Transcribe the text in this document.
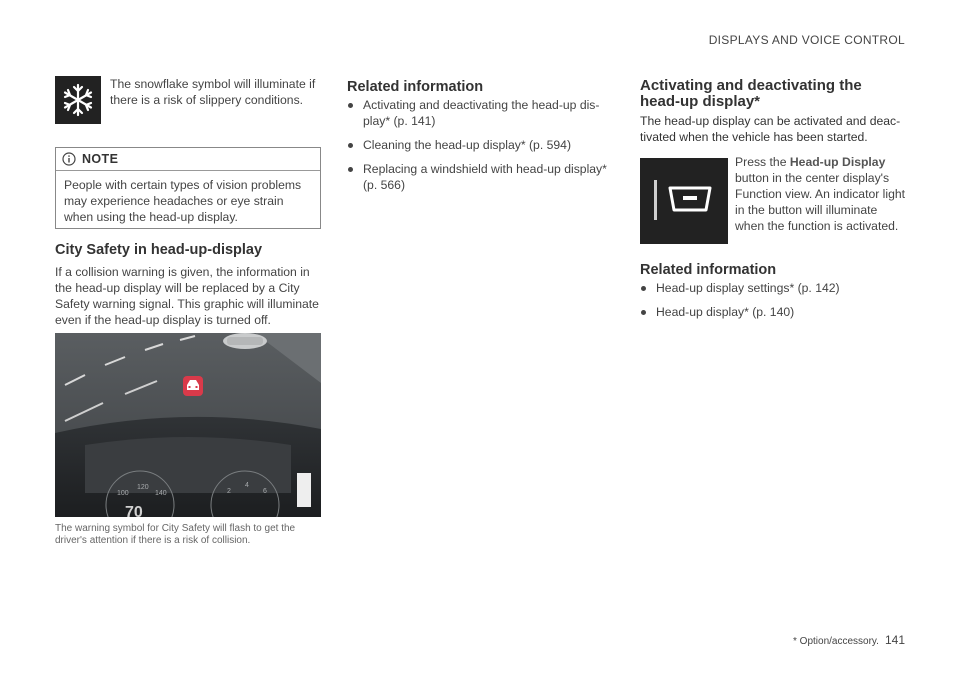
DISPLAYS AND VOICE CONTROL

The snowflake symbol will illuminate if there is a risk of slippery conditions.

NOTE
People with certain types of vision problems may experience headaches or eye strain when using the head-up display.
City Safety in head-up-display

If a collision warning is given, the information in the head-up display will be replaced by a City Safety warning signal. This graphic will illuminate even if the head-up display is turned off.

100
120
140	2
4
6
70

The warning symbol for City Safety will flash to get the driver's attention if there is a risk of collision.

Related information
Activating and deactivating the head-up dis-play* (p. 141)
Cleaning the head-up display* (p. 594)
Replacing a windshield with head-up display* (p. 566)
Activating and deactivating the head-up display*

The head-up display can be activated and deac-tivated when the vehicle has been started.

Press the Head-up Display button in the center display's Function view. An indicator light in the button will illuminate when the function is activated.

Related information
Head-up display settings* (p. 142)
Head-up display* (p. 140)
* Option/accessory. 141
